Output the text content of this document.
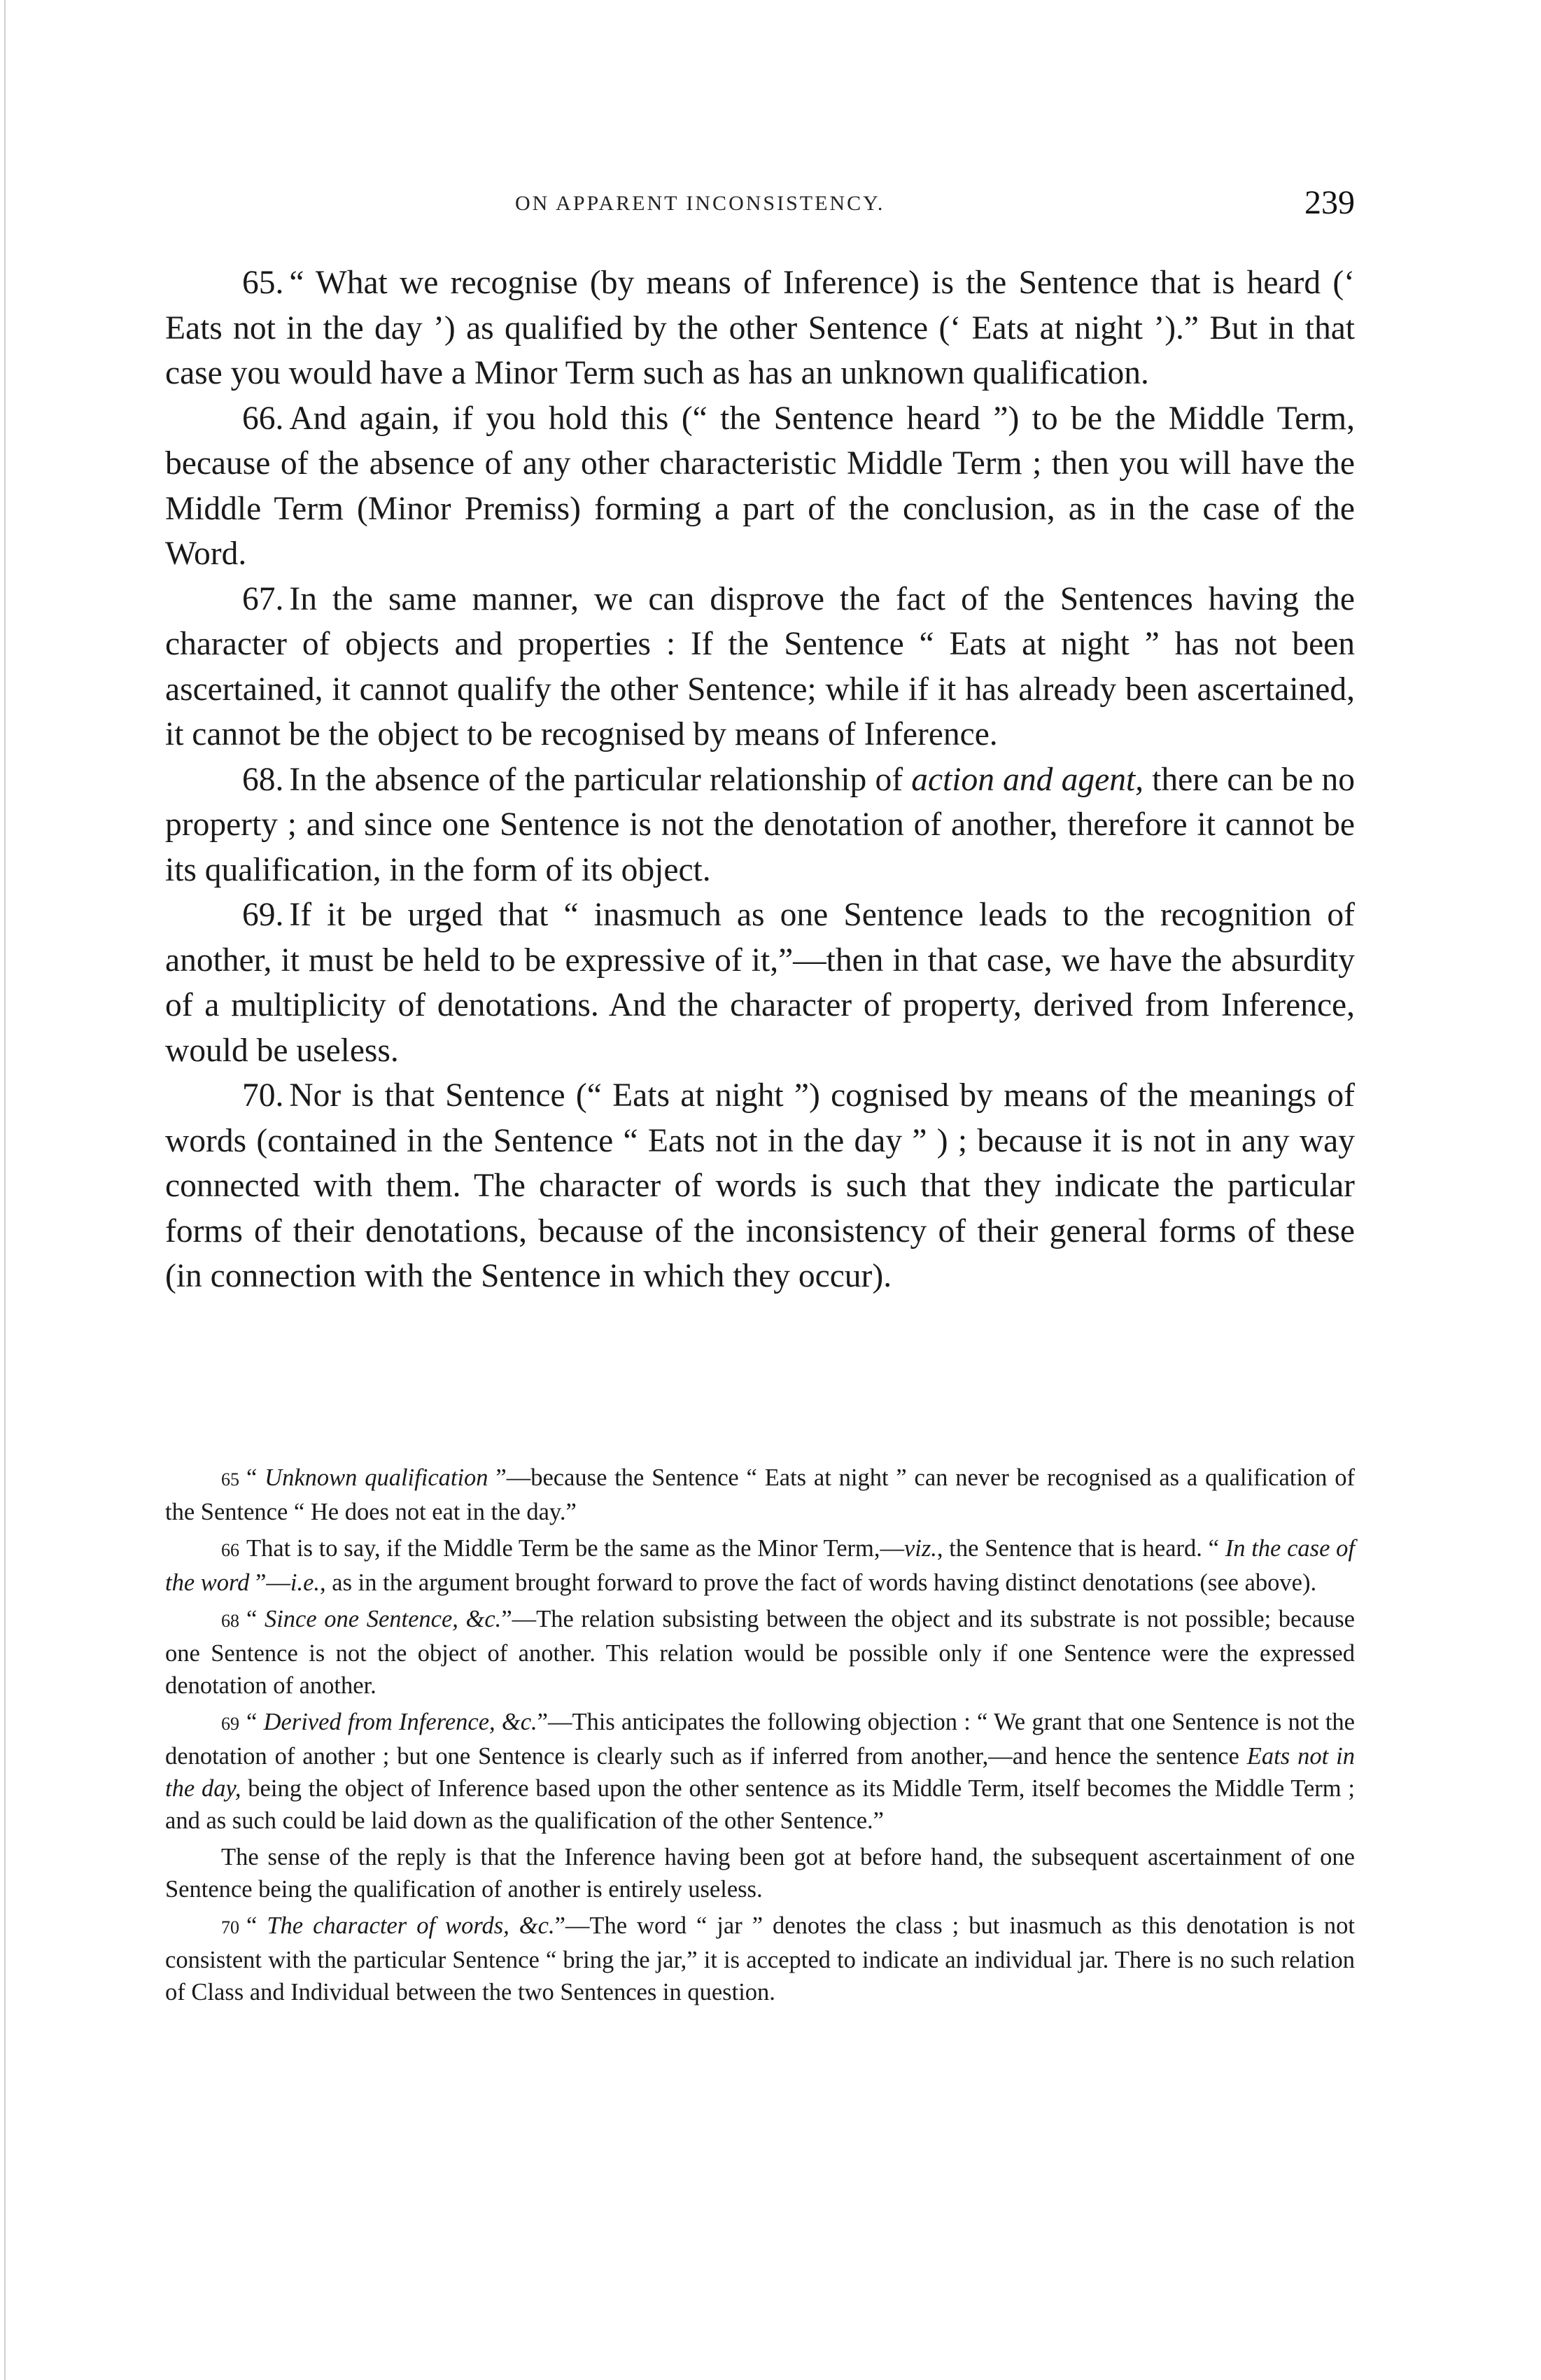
ON APPARENT INCONSISTENCY.	239

65. “ What we recognise (by means of Inference) is the Sentence that is heard (‘ Eats not in the day ’) as qualified by the other Sentence (‘ Eats at night ’).” But in that case you would have a Minor Term such as has an unknown qualification.

66. And again, if you hold this (“ the Sentence heard ”) to be the Middle Term, because of the absence of any other characteristic Middle Term ; then you will have the Middle Term (Minor Premiss) forming a part of the conclusion, as in the case of the Word.

67. In the same manner, we can disprove the fact of the Sentences having the character of objects and properties : If the Sentence “ Eats at night ” has not been ascertained, it cannot qualify the other Sentence; while if it has already been ascertained, it cannot be the object to be recognised by means of Inference.

68. In the absence of the particular relationship of action and agent, there can be no property ; and since one Sentence is not the denotation of another, therefore it cannot be its qualification, in the form of its object.

69. If it be urged that “ inasmuch as one Sentence leads to the recognition of another, it must be held to be expressive of it,”—then in that case, we have the absurdity of a multiplicity of denotations. And the character of property, derived from Inference, would be useless.

70. Nor is that Sentence (“ Eats at night ”) cognised by means of the meanings of words (contained in the Sentence “ Eats not in the day ” ) ; because it is not in any way connected with them. The character of words is such that they indicate the particular forms of their denotations, because of the inconsistency of their general forms of these (in connection with the Sentence in which they occur).

65 “ Unknown qualification ”—because the Sentence “ Eats at night ” can never be recognised as a qualification of the Sentence “ He does not eat in the day.”

66 That is to say, if the Middle Term be the same as the Minor Term,—viz., the Sentence that is heard. “ In the case of the word ”—i.e., as in the argument brought forward to prove the fact of words having distinct denotations (see above).

68 “ Since one Sentence, &c.”—The relation subsisting between the object and its substrate is not possible; because one Sentence is not the object of another. This relation would be possible only if one Sentence were the expressed denotation of another.

69 “ Derived from Inference, &c.”—This anticipates the following objection : “ We grant that one Sentence is not the denotation of another ; but one Sentence is clearly such as if inferred from another,—and hence the sentence Eats not in the day, being the object of Inference based upon the other sentence as its Middle Term, itself becomes the Middle Term ; and as such could be laid down as the qualification of the other Sentence.”

The sense of the reply is that the Inference having been got at before hand, the subsequent ascertainment of one Sentence being the qualification of another is entirely useless.

70 “ The character of words, &c.”—The word “ jar ” denotes the class ; but inasmuch as this denotation is not consistent with the particular Sentence “ bring the jar,” it is accepted to indicate an individual jar. There is no such relation of Class and Individual between the two Sentences in question.
